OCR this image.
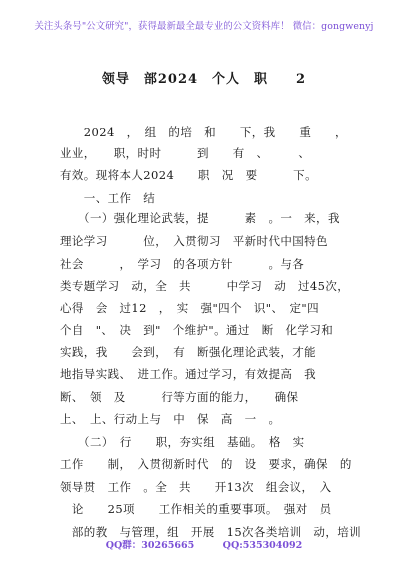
关注头条号"公文研究"，获得最新最全最专业的公文资料库！ 微信：gongwenyj
领导　部2024　个人　职　　2
　　2024　，　组　的培　和　　下，我　　重　　，
业业，　　职，时时　　　到　　有　、　　　、
有效。现将本人2024　　职　况　要　　　下。
　　一、工作　结
　　（一）强化理论武装，提　　　素　。一　来，我
理论学习　　　位，　入贯彻习　平新时代中国特色
社会　　　，　学习　的各项方针　　　。与各
类专题学习　动，全　共　　　中学习　动　过45次，
心得　会　过12　，　实　强"四个　识"、　定"四
个自　"、　决　到"　个维护"。通过　断　化学习和
实践，我　　会到，　有　断强化理论武装，才能
地指导实践、　进工作。通过学习，有效提高　我
断、　领　及　　　行等方面的能力，　　确保
上、　上、行动上与　中　保　高　一　。
　　（二）　行　　职，夯实组　基础。　格　实
工作　　制，　入贯彻新时代　的　设　要求，确保　的
领导贯　工作　。全　共　　开13次　组会议，　入
　论　　25项　　工作相关的重要事项。　强对　员
　部的教　与管理，组　开展　15次各类培训　动，培训
QQ群：30265665　　　QQ:535304092
